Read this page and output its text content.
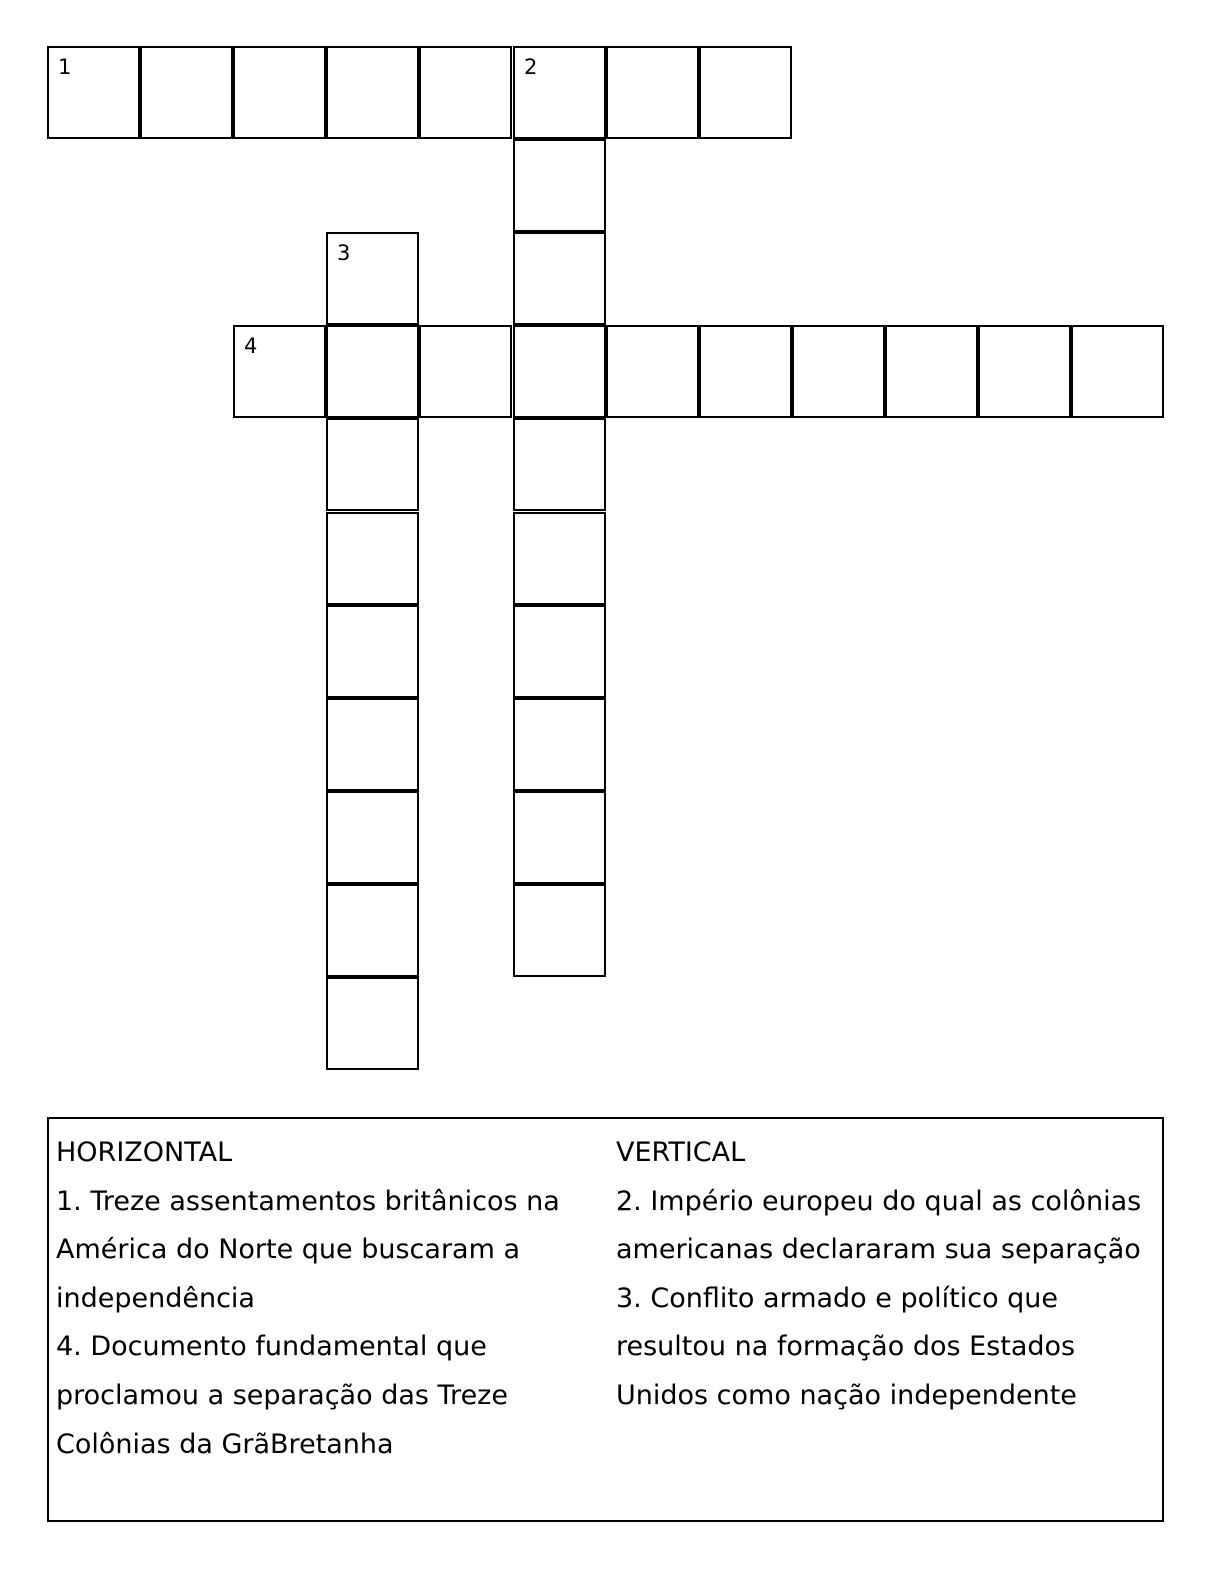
1	2
3
4

HORIZONTAL

1. Treze assentamentos britânicos na América do Norte que buscaram a independência

4. Documento fundamental que proclamou a separação das Treze Colônias da GrãBretanha

VERTICAL

2. Império europeu do qual as colônias americanas declararam sua separação

3. Conflito armado e político que resultou na formação dos Estados Unidos como nação independente
